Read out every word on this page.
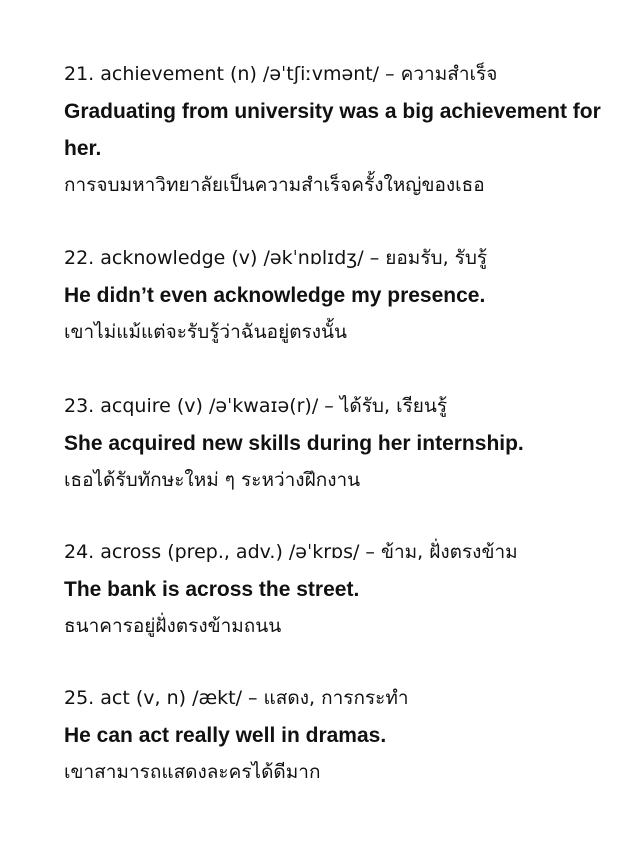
21. achievement (n) /əˈtʃiːvmənt/ – ความสำเร็จ
Graduating from university was a big achievement for her.
การจบมหาวิทยาลัยเป็นความสำเร็จครั้งใหญ่ของเธอ
22. acknowledge (v) /əkˈnɒlɪdʒ/ – ยอมรับ, รับรู้
He didn’t even acknowledge my presence.
เขาไม่แม้แต่จะรับรู้ว่าฉันอยู่ตรงนั้น
23. acquire (v) /əˈkwaɪə(r)/ – ได้รับ, เรียนรู้
She acquired new skills during her internship.
เธอได้รับทักษะใหม่ ๆ ระหว่างฝึกงาน
24. across (prep., adv.) /əˈkrɒs/ – ข้าม, ฝั่งตรงข้าม
The bank is across the street.
ธนาคารอยู่ฝั่งตรงข้ามถนน
25. act (v, n) /ækt/ – แสดง, การกระทำ
He can act really well in dramas.
เขาสามารถแสดงละครได้ดีมาก
